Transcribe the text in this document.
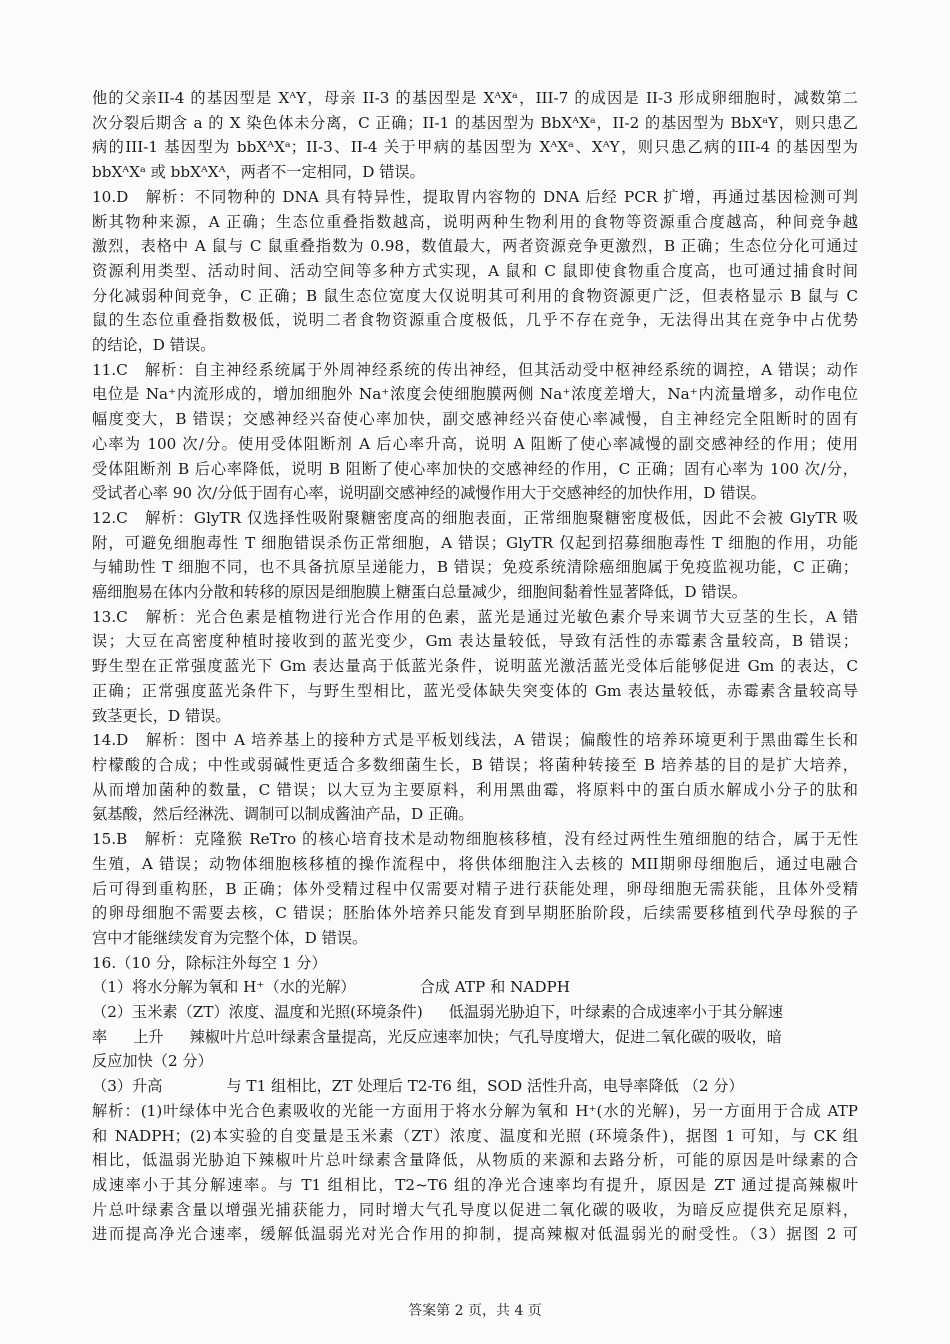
他的父亲II-4 的基因型是 XᴬY，母亲 II-3 的基因型是 XᴬXᵃ，III-7 的成因是 II-3 形成卵细胞时，减数第二
次分裂后期含 a 的 X 染色体未分离，C 正确；II-1 的基因型为 BbXᴬXᵃ，II-2 的基因型为 BbXᵃY，则只患乙
病的III-1 基因型为 bbXᴬXᵃ；II-3、II-4 关于甲病的基因型为 XᴬXᵃ、XᴬY，则只患乙病的III-4 的基因型为
bbXᴬXᵃ 或 bbXᴬXᴬ，两者不一定相同，D 错误。
10.D　解析：不同物种的 DNA 具有特异性，提取胃内容物的 DNA 后经 PCR 扩增，再通过基因检测可判
断其物种来源，A 正确；生态位重叠指数越高，说明两种生物利用的食物等资源重合度越高，种间竞争越
激烈，表格中 A 鼠与 C 鼠重叠指数为 0.98，数值最大，两者资源竞争更激烈，B 正确；生态位分化可通过
资源利用类型、活动时间、活动空间等多种方式实现，A 鼠和 C 鼠即使食物重合度高，也可通过捕食时间
分化减弱种间竞争，C 正确；B 鼠生态位宽度大仅说明其可利用的食物资源更广泛，但表格显示 B 鼠与 C
鼠的生态位重叠指数极低，说明二者食物资源重合度极低，几乎不存在竞争，无法得出其在竞争中占优势
的结论，D 错误。
11.C　解析：自主神经系统属于外周神经系统的传出神经，但其活动受中枢神经系统的调控，A 错误；动作
电位是 Na⁺内流形成的，增加细胞外 Na⁺浓度会使细胞膜两侧 Na⁺浓度差增大，Na⁺内流量增多，动作电位
幅度变大，B 错误；交感神经兴奋使心率加快，副交感神经兴奋使心率减慢，自主神经完全阻断时的固有
心率为 100 次/分。使用受体阻断剂 A 后心率升高，说明 A 阻断了使心率减慢的副交感神经的作用；使用
受体阻断剂 B 后心率降低，说明 B 阻断了使心率加快的交感神经的作用，C 正确；固有心率为 100 次/分，
受试者心率 90 次/分低于固有心率，说明副交感神经的减慢作用大于交感神经的加快作用，D 错误。
12.C　解析：GlyTR 仅选择性吸附聚糖密度高的细胞表面，正常细胞聚糖密度极低，因此不会被 GlyTR 吸
附，可避免细胞毒性 T 细胞错误杀伤正常细胞，A 错误；GlyTR 仅起到招募细胞毒性 T 细胞的作用，功能
与辅助性 T 细胞不同，也不具备抗原呈递能力，B 错误；免疫系统清除癌细胞属于免疫监视功能，C 正确；
癌细胞易在体内分散和转移的原因是细胞膜上糖蛋白总量减少，细胞间黏着性显著降低，D 错误。
13.C　解析：光合色素是植物进行光合作用的色素，蓝光是通过光敏色素介导来调节大豆茎的生长，A 错
误；大豆在高密度种植时接收到的蓝光变少，Gm 表达量较低，导致有活性的赤霉素含量较高，B 错误；
野生型在正常强度蓝光下 Gm 表达量高于低蓝光条件，说明蓝光激活蓝光受体后能够促进 Gm 的表达，C
正确；正常强度蓝光条件下，与野生型相比，蓝光受体缺失突变体的 Gm 表达量较低，赤霉素含量较高导
致茎更长，D 错误。
14.D　解析：图中 A 培养基上的接种方式是平板划线法，A 错误；偏酸性的培养环境更利于黑曲霉生长和
柠檬酸的合成；中性或弱碱性更适合多数细菌生长，B 错误；将菌种转接至 B 培养基的目的是扩大培养，
从而增加菌种的数量，C 错误；以大豆为主要原料，利用黑曲霉，将原料中的蛋白质水解成小分子的肽和
氨基酸，然后经淋洗、调制可以制成酱油产品，D 正确。
15.B　解析：克隆猴 ReTro 的核心培育技术是动物细胞核移植，没有经过两性生殖细胞的结合，属于无性
生殖，A 错误；动物体细胞核移植的操作流程中，将供体细胞注入去核的 MII期卵母细胞后，通过电融合
后可得到重构胚，B 正确；体外受精过程中仅需要对精子进行获能处理，卵母细胞无需获能，且体外受精
的卵母细胞不需要去核，C 错误；胚胎体外培养只能发育到早期胚胎阶段，后续需要移植到代孕母猴的子
宫中才能继续发育为完整个体，D 错误。
16.（10 分，除标注外每空 1 分）
（1）将水分解为氧和 H⁺（水的光解）	合成 ATP 和 NADPH
（2）玉米素（ZT）浓度、温度和光照(环境条件) 低温弱光胁迫下，叶绿素的合成速率小于其分解速
率 上升 辣椒叶片总叶绿素含量提高，光反应速率加快；气孔导度增大，促进二氧化碳的吸收，暗
反应加快（2 分）
（3）升高	与 T1 组相比，ZT 处理后 T2-T6 组，SOD 活性升高，电导率降低 （2 分）
解析：(1)叶绿体中光合色素吸收的光能一方面用于将水分解为氧和 H⁺(水的光解)，另一方面用于合成 ATP
和 NADPH；(2)本实验的自变量是玉米素（ZT）浓度、温度和光照 (环境条件)，据图 1 可知，与 CK 组
相比，低温弱光胁迫下辣椒叶片总叶绿素含量降低，从物质的来源和去路分析，可能的原因是叶绿素的合
成速率小于其分解速率。与 T1 组相比，T2~T6 组的净光合速率均有提升，原因是 ZT 通过提高辣椒叶
片总叶绿素含量以增强光捕获能力，同时增大气孔导度以促进二氧化碳的吸收，为暗反应提供充足原料，
进而提高净光合速率，缓解低温弱光对光合作用的抑制，提高辣椒对低温弱光的耐受性。（3）据图 2 可
答案第 2 页，共 4 页
